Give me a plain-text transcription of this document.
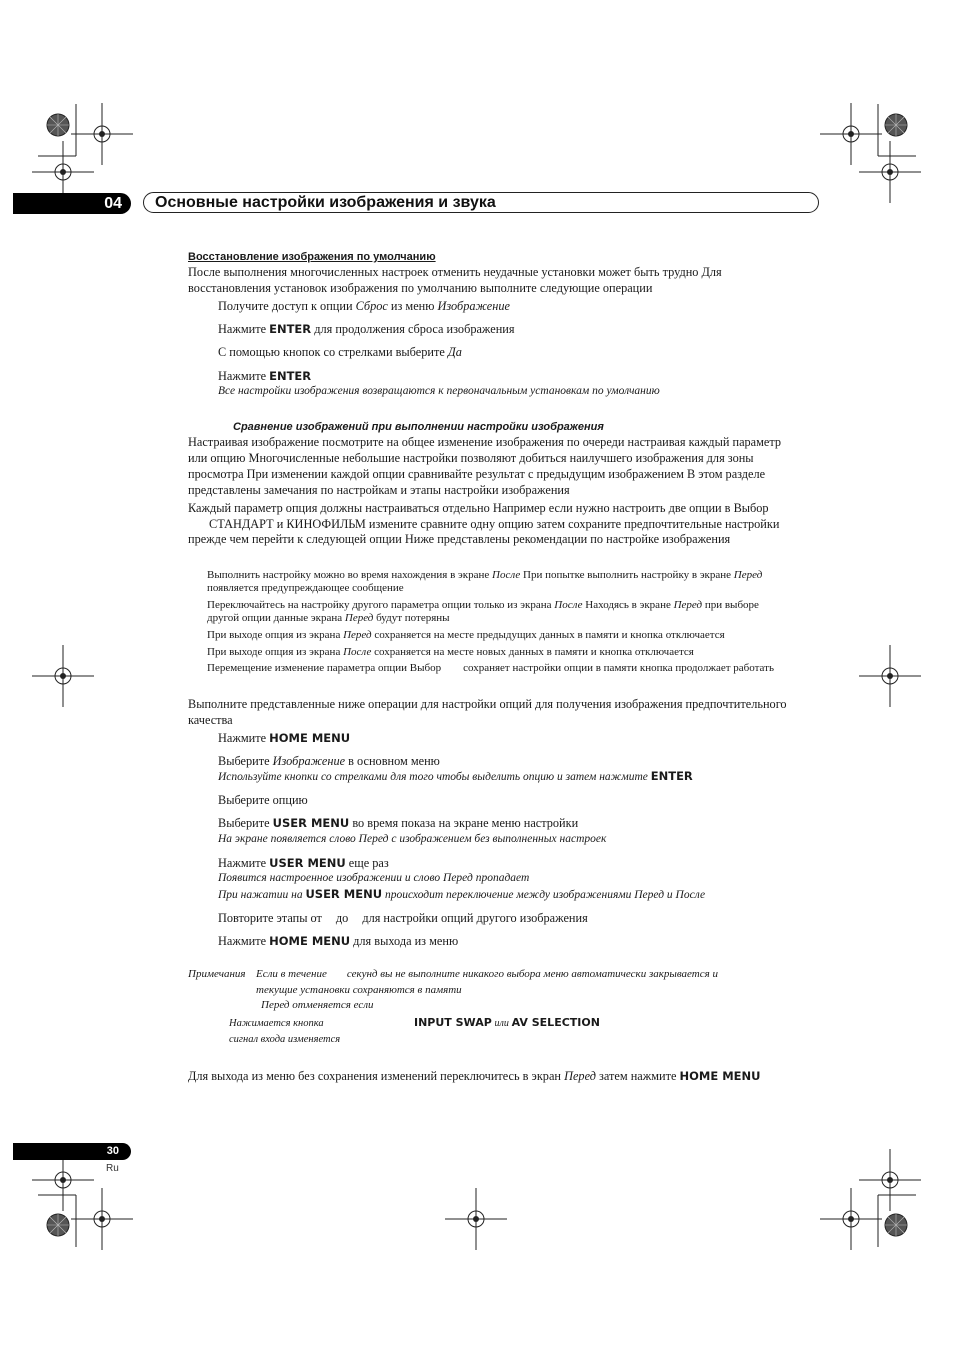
04 Основные настройки изображения и звука
Восстановление изображения по умолчанию
После выполнения многочисленных настроек отменить неудачные установки может быть трудно Для
восстановления установок изображения по умолчанию выполните следующие операции
Получите доступ к опции Сброс из меню Изображение
Нажмите ENTER для продолжения сброса изображения
С помощью кнопок со стрелками выберите Да
Нажмите ENTER
Все настройки изображения возвращаются к первоначальным установкам по умолчанию
Сравнение изображений при выполнении настройки изображения
Настраивая изображение посмотрите на общее изменение изображения по очереди настраивая каждый параметр
или опцию Многочисленные небольшие настройки позволяют добиться наилучшего изображения для зоны
просмотра При изменении каждой опции сравнивайте результат с предыдущим изображением В этом разделе
представлены замечания по настройкам и этапы настройки изображения
Каждый параметр опция должны настраиваться отдельно Например если нужно настроить две опции в Выбор
СТАНДАРТ и КИНОФИЛЬМ измените сравните одну опцию затем сохраните предпочтительные настройки
прежде чем перейти к следующей опции Ниже представлены рекомендации по настройке изображения
Выполнить настройку можно во время нахождения в экране После При попытке выполнить настройку в экране Перед
появляется предупреждающее сообщение
Переключайтесь на настройку другого параметра опции только из экрана После Находясь в экране Перед при выборе
другой опции данные экрана Перед будут потеряны
При выходе опция из экрана Перед сохраняется на месте предыдущих данных в памяти и кнопка отключается
При выходе опция из экрана После сохраняется на месте новых данных в памяти и кнопка отключается
Перемещение изменение параметра опции Выбор сохраняет настройки опции в памяти кнопка продолжает работать
Выполните представленные ниже операции для настройки опций для получения изображения предпочтительного
качества
Нажмите HOME MENU
Выберите Изображение в основном меню
Используйте кнопки со стрелками для того чтобы выделить опцию и затем нажмите ENTER
Выберите опцию
Выберите USER MENU во время показа на экране меню настройки
На экране появляется слово Перед с изображением без выполненных настроек
Нажмите USER MENU еще раз
Появится настроенное изображении и слово Перед пропадает
При нажатии на USER MENU происходит переключение между изображениями Перед и После
Повторите этапы от до для настройки опций другого изображения
Нажмите HOME MENU для выхода из меню
Примечания Если в течение секунд вы не выполните никакого выбора меню автоматически закрывается и
текущие установки сохраняются в памяти
Перед отменяется если
Нажимается кнопка	INPUT SWAP или AV SELECTION
сигнал входа изменяется
Для выхода из меню без сохранения изменений переключитесь в экран Перед затем нажмите HOME MENU
30
Ru
